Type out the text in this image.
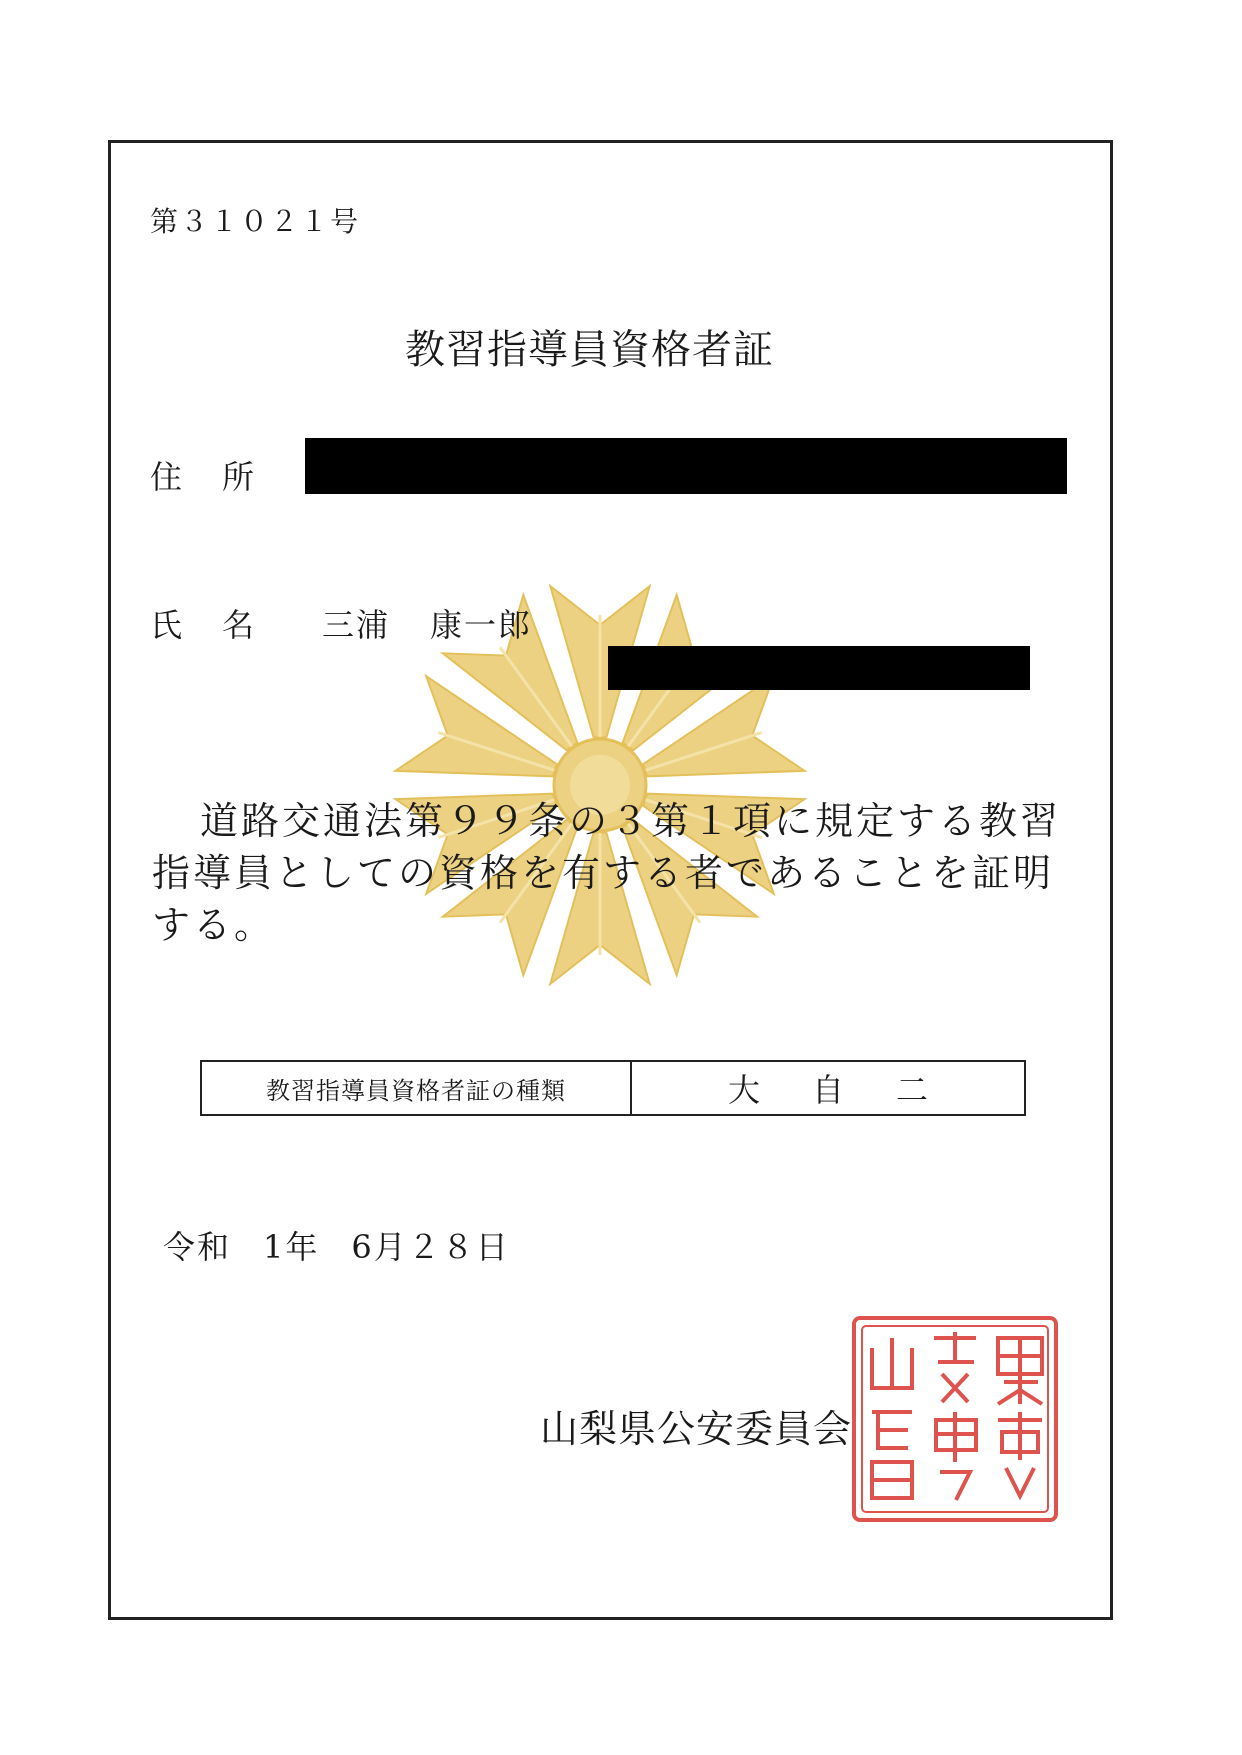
第３１０２１号
教習指導員資格者証
住 所
氏 名 三浦 康一郎
道路交通法第９９条の３第１項に規定する教習指導員としての資格を有する者であることを証明する。
教習指導員資格者証の種類	大 自 二
令和 1年 6月２８日
山梨県公安委員会
